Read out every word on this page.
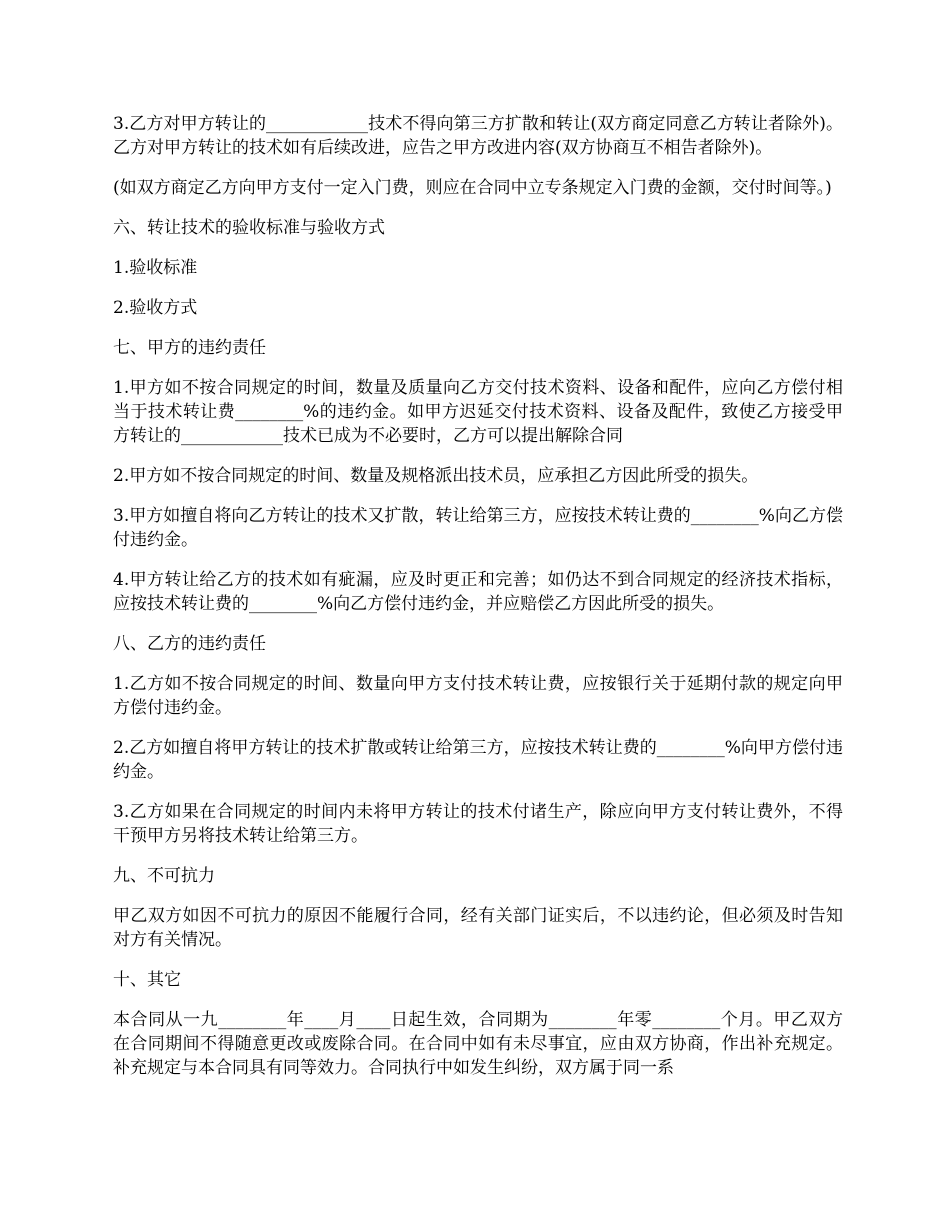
3.乙方对甲方转让的____________技术不得向第三方扩散和转让(双方商定同意乙方转让者除外)。乙方对甲方转让的技术如有后续改进，应告之甲方改进内容(双方协商互不相告者除外)。

(如双方商定乙方向甲方支付一定入门费，则应在合同中立专条规定入门费的金额，交付时间等。)

六、转让技术的验收标准与验收方式

1.验收标准

2.验收方式

七、甲方的违约责任

1.甲方如不按合同规定的时间，数量及质量向乙方交付技术资料、设备和配件，应向乙方偿付相当于技术转让费________%的违约金。如甲方迟延交付技术资料、设备及配件，致使乙方接受甲方转让的____________技术已成为不必要时，乙方可以提出解除合同

2.甲方如不按合同规定的时间、数量及规格派出技术员，应承担乙方因此所受的损失。

3.甲方如擅自将向乙方转让的技术又扩散，转让给第三方，应按技术转让费的________%向乙方偿付违约金。

4.甲方转让给乙方的技术如有疵漏，应及时更正和完善；如仍达不到合同规定的经济技术指标，应按技术转让费的________%向乙方偿付违约金，并应赔偿乙方因此所受的损失。

八、乙方的违约责任

1.乙方如不按合同规定的时间、数量向甲方支付技术转让费，应按银行关于延期付款的规定向甲方偿付违约金。

2.乙方如擅自将甲方转让的技术扩散或转让给第三方，应按技术转让费的________%向甲方偿付违约金。

3.乙方如果在合同规定的时间内未将甲方转让的技术付诸生产，除应向甲方支付转让费外，不得干预甲方另将技术转让给第三方。

九、不可抗力

甲乙双方如因不可抗力的原因不能履行合同，经有关部门证实后，不以违约论，但必须及时告知对方有关情况。

十、其它

本合同从一九________年____月____日起生效，合同期为________年零________个月。甲乙双方在合同期间不得随意更改或废除合同。在合同中如有未尽事宜，应由双方协商，作出补充规定。补充规定与本合同具有同等效力。合同执行中如发生纠纷，双方属于同一系
